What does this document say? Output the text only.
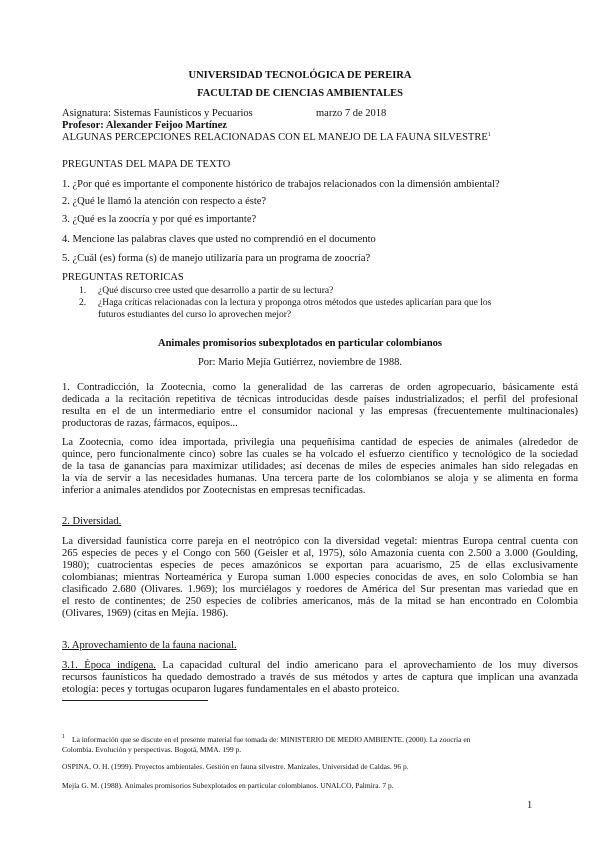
UNIVERSIDAD TECNOLÓGICA DE PEREIRA
FACULTAD DE CIENCIAS AMBIENTALES
Asignatura: Sistemas Faunísticos y Pecuarios	marzo 7 de 2018
Profesor: Alexander Feijoo Martínez
ALGUNAS PERCEPCIONES RELACIONADAS CON EL MANEJO DE LA FAUNA SILVESTRE$^1$
PREGUNTAS DEL MAPA DE TEXTO
1. ¿Por qué es importante el componente histórico de trabajos relacionados con la dimensión ambiental?
2. ¿Qué le llamó la atención con respecto a éste?
3. ¿Qué es la zoocría y por qué es importante?
4. Mencione las palabras claves que usted no comprendió en el documento
5. ¿Cuál (es) forma (s) de manejo utilizaría para un programa de zoocría?
PREGUNTAS RETORICAS
1. ¿Qué discurso cree usted que desarrollo a partir de su lectura?
2. ¿Haga críticas relacionadas con la lectura y proponga otros métodos que ustedes aplicarían para que los
futuros estudiantes del curso lo aprovechen mejor?
Animales promisorios subexplotados en particular colombianos
Por: Mario Mejía Gutiérrez, noviembre de 1988.
1. Contradicción, la Zootecnia, como la generalidad de las carreras de orden agropecuario, básicamente está
dedicada a la recitación repetitiva de técnicas introducidas desde países industrializados; el perfil del profesional
resulta en el de un intermediario entre el consumidor nacional y las empresas (frecuentemente multinacionales)
productoras de razas, fármacos, equipos...
La Zootecnia, como idea importada, privilegia una pequeñísima cantidad de especies de animales (alrededor de
quince, pero funcionalmente cinco) sobre las cuales se ha volcado el esfuerzo científico y tecnológico de la sociedad
de la tasa de ganancias para maximizar utilidades; así decenas de miles de especies animales han sido relegadas en
la vía de servir a las necesidades humanas. Una tercera parte de los colombianos se aloja y se alimenta en forma
inferior a animales atendidos por Zootecnistas en empresas tecnificadas.
2. Diversidad.
La diversidad faunística corre pareja en el neotrópico con la diversidad vegetal: mientras Europa central cuenta con
265 especies de peces y el Congo con 560 (Geisler et al, 1975), sólo Amazonía cuenta con 2.500 a 3.000 (Goulding,
1980); cuatrocientas especies de peces amazónicos se exportan para acuarismo, 25 de ellas exclusivamente
colombianas; mientras Norteamérica y Europa suman 1.000 especies conocidas de aves, en solo Colombia se han
clasificado 2.680 (Olivares. 1.969); los murciélagos y roedores de América del Sur presentan mas variedad que en
el resto de continentes; de 250 especies de colibríes americanos, más de la mitad se han encontrado en Colombia
(Olivares, 1969) (citas en Mejía. 1986).
3. Aprovechamiento de la fauna nacional.
3.1. Época indígena. La capacidad cultural del indio americano para el aprovechamiento de los muy diversos
recursos faunísticos ha quedado demostrado a través de sus métodos y artes de captura que implican una avanzada
etología: peces y tortugas ocuparon lugares fundamentales en el abasto proteico.
1 La información que se discute en el presente material fue tomada de: MINISTERIO DE MEDIO AMBIENTE. (2000). La zoocría en
Colombia. Evolución y perspectivas. Bogotá, MMA. 199 p.
OSPINA, O. H. (1999). Proyectos ambientales. Gestión en fauna silvestre. Manizales, Universidad de Caldas. 96 p.
Mejía G. M. (1988). Animales promisorios Subexplotados en particular colombianos. UNALCO, Palmira. 7 p.
1
